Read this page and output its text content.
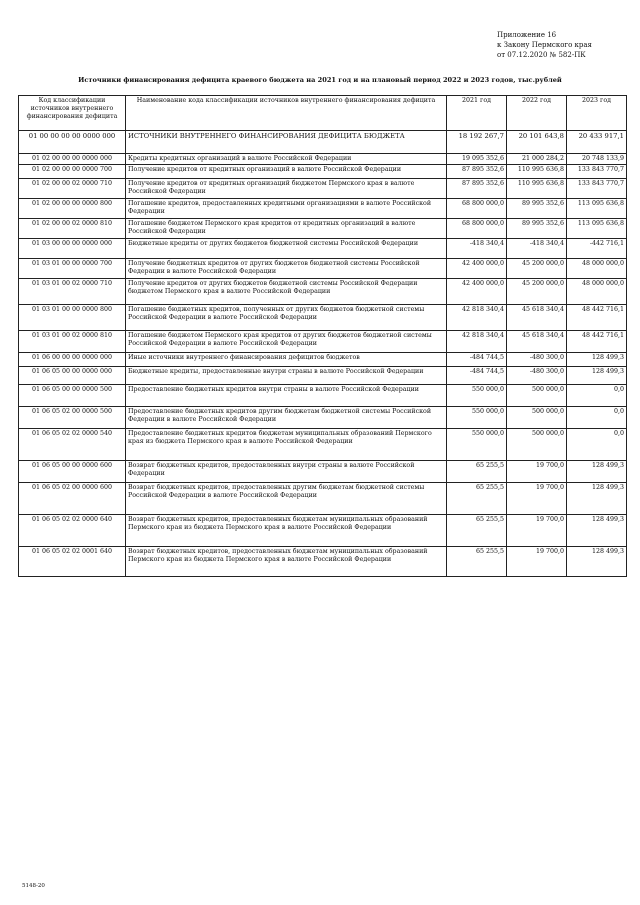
Приложение 16
к Закону Пермского края
от 07.12.2020 № 582-ПК
Источники финансирования дефицита краевого бюджета на 2021 год и на плановый период 2022 и 2023 годов, тыс.рублей
Код классификации источников внутреннего финансирования дефицита	Наименование кода классификации источников внутреннего финансирования дефицита	2021 год	2022 год	2023 год
01 00 00 00 00 0000 000	ИСТОЧНИКИ ВНУТРЕННЕГО ФИНАНСИРОВАНИЯ ДЕФИЦИТА БЮДЖЕТА	18 192 267,7	20 101 643,8	20 433 917,1
01 02 00 00 00 0000 000	Кредиты кредитных организаций в валюте Российской Федерации	19 095 352,6	21 000 284,2	20 748 133,9
01 02 00 00 00 0000 700	Получение кредитов от кредитных организаций в валюте Российской Федерации	87 895 352,6	110 995 636,8	133 843 770,7
01 02 00 00 02 0000 710	Получение кредитов от кредитных организаций бюджетом Пермского края в валюте Российской Федерации	87 895 352,6	110 995 636,8	133 843 770,7
01 02 00 00 00 0000 800	Погашение кредитов, предоставленных кредитными организациями в валюте Российской Федерации	68 800 000,0	89 995 352,6	113 095 636,8
01 02 00 00 02 0000 810	Погашение бюджетом Пермского края кредитов от кредитных организаций в валюте Российской Федерации	68 800 000,0	89 995 352,6	113 095 636,8
01 03 00 00 00 0000 000	Бюджетные кредиты от других бюджетов бюджетной системы Российской Федерации	-418 340,4	-418 340,4	-442 716,1
01 03 01 00 00 0000 700	Получение бюджетных кредитов от других бюджетов бюджетной системы Российской Федерации в валюте Российской Федерации	42 400 000,0	45 200 000,0	48 000 000,0
01 03 01 00 02 0000 710	Получение кредитов от других бюджетов бюджетной системы Российской Федерации бюджетом Пермского края в валюте Российской Федерации	42 400 000,0	45 200 000,0	48 000 000,0
01 03 01 00 00 0000 800	Погашение бюджетных кредитов, полученных от других бюджетов бюджетной системы Российской Федерации в валюте Российской Федерации	42 818 340,4	45 618 340,4	48 442 716,1
01 03 01 00 02 0000 810	Погашение бюджетом Пермского края кредитов от других бюджетов бюджетной системы Российской Федерации в валюте Российской Федерации	42 818 340,4	45 618 340,4	48 442 716,1
01 06 00 00 00 0000 000	Иные источники внутреннего финансирования дефицитов бюджетов	-484 744,5	-480 300,0	128 499,3
01 06 05 00 00 0000 000	Бюджетные кредиты, предоставленные внутри страны в валюте Российской Федерации	-484 744,5	-480 300,0	128 499,3
01 06 05 00 00 0000 500	Предоставление бюджетных кредитов внутри страны в валюте Российской Федерации	550 000,0	500 000,0	0,0
01 06 05 02 00 0000 500	Предоставление бюджетных кредитов другим бюджетам бюджетной системы Российской Федерации в валюте Российской Федерации	550 000,0	500 000,0	0,0
01 06 05 02 02 0000 540	Предоставление бюджетных кредитов бюджетам муниципальных образований Пермского края из бюджета Пермского края в валюте Российской Федерации	550 000,0	500 000,0	0,0
01 06 05 00 00 0000 600	Возврат бюджетных кредитов, предоставленных внутри страны в валюте Российской Федерации	65 255,5	19 700,0	128 499,3
01 06 05 02 00 0000 600	Возврат бюджетных кредитов, предоставленных другим бюджетам бюджетной системы Российской Федерации в валюте Российской Федерации	65 255,5	19 700,0	128 499,3
01 06 05 02 02 0000 640	Возврат бюджетных кредитов, предоставленных бюджетам муниципальных образований Пермского края из бюджета Пермского края в валюте Российской Федерации	65 255,5	19 700,0	128 499,3
01 06 05 02 02 0001 640	Возврат бюджетных кредитов, предоставленных бюджетам муниципальных образований Пермского края из бюджета Пермского края в валюте Российской Федерации	65 255,5	19 700,0	128 499,3
5148-20
